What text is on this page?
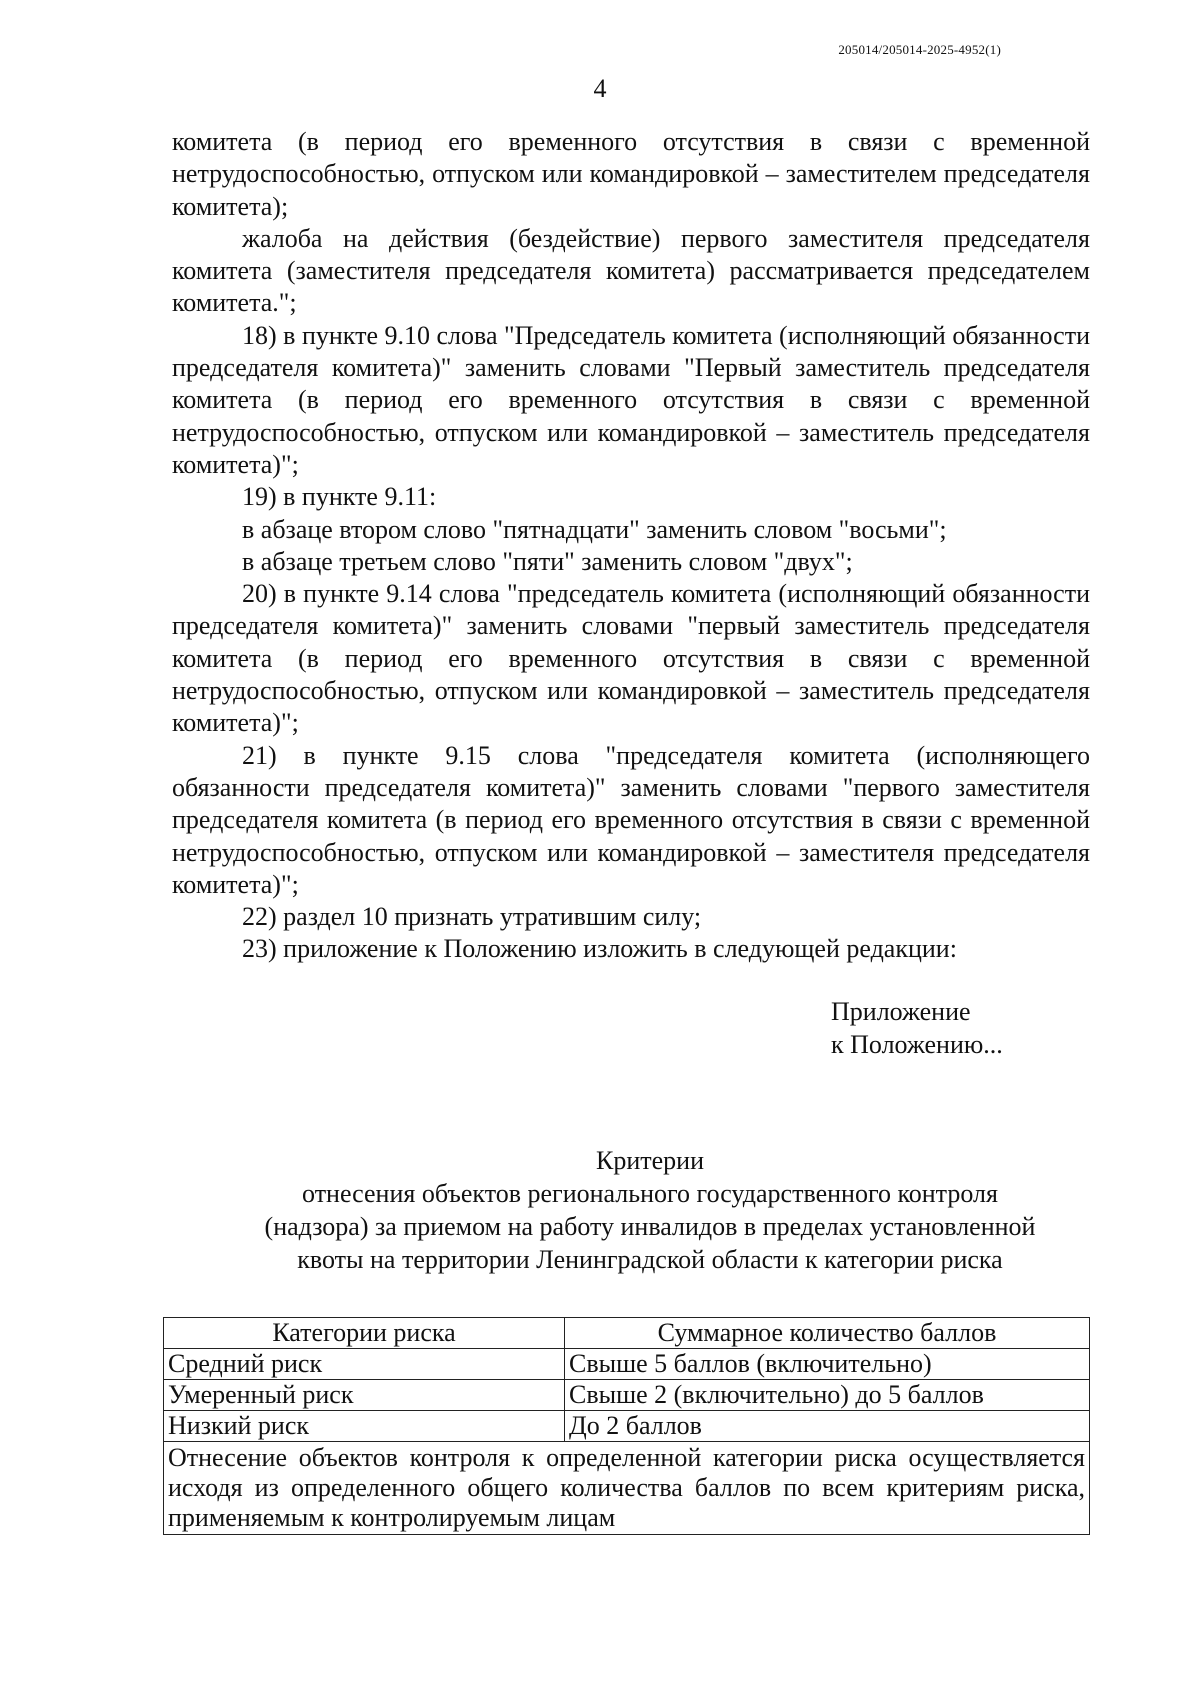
205014/205014-2025-4952(1)
4

комитета (в период его временного отсутствия в связи с временной нетрудоспособностью, отпуском или командировкой – заместителем председателя комитета);

жалоба на действия (бездействие) первого заместителя председателя комитета (заместителя председателя комитета) рассматривается председателем комитета.";

18) в пункте 9.10 слова "Председатель комитета (исполняющий обязанности председателя комитета)" заменить словами "Первый заместитель председателя комитета (в период его временного отсутствия в связи с временной нетрудоспособностью, отпуском или командировкой – заместитель председателя комитета)";

19) в пункте 9.11:

в абзаце втором слово "пятнадцати" заменить словом "восьми";

в абзаце третьем слово "пяти" заменить словом "двух";

20) в пункте 9.14 слова "председатель комитета (исполняющий обязанности председателя комитета)" заменить словами "первый заместитель председателя комитета (в период его временного отсутствия в связи с временной нетрудоспособностью, отпуском или командировкой – заместитель председателя комитета)";

21) в пункте 9.15 слова "председателя комитета (исполняющего обязанности председателя комитета)" заменить словами "первого заместителя председателя комитета (в период его временного отсутствия в связи с временной нетрудоспособностью, отпуском или командировкой – заместителя председателя комитета)";

22) раздел 10 признать утратившим силу;

23) приложение к Положению изложить в следующей редакции:

Приложение
к Положению...
Критерии
отнесения объектов регионального государственного контроля
(надзора) за приемом на работу инвалидов в пределах установленной
квоты на территории Ленинградской области к категории риска
Категории риска	Суммарное количество баллов
Средний риск	Свыше 5 баллов (включительно)
Умеренный риск	Свыше 2 (включительно) до 5 баллов
Низкий риск	До 2 баллов
Отнесение объектов контроля к определенной категории риска осуществляется исходя из определенного общего количества баллов по всем критериям риска, применяемым к контролируемым лицам	
